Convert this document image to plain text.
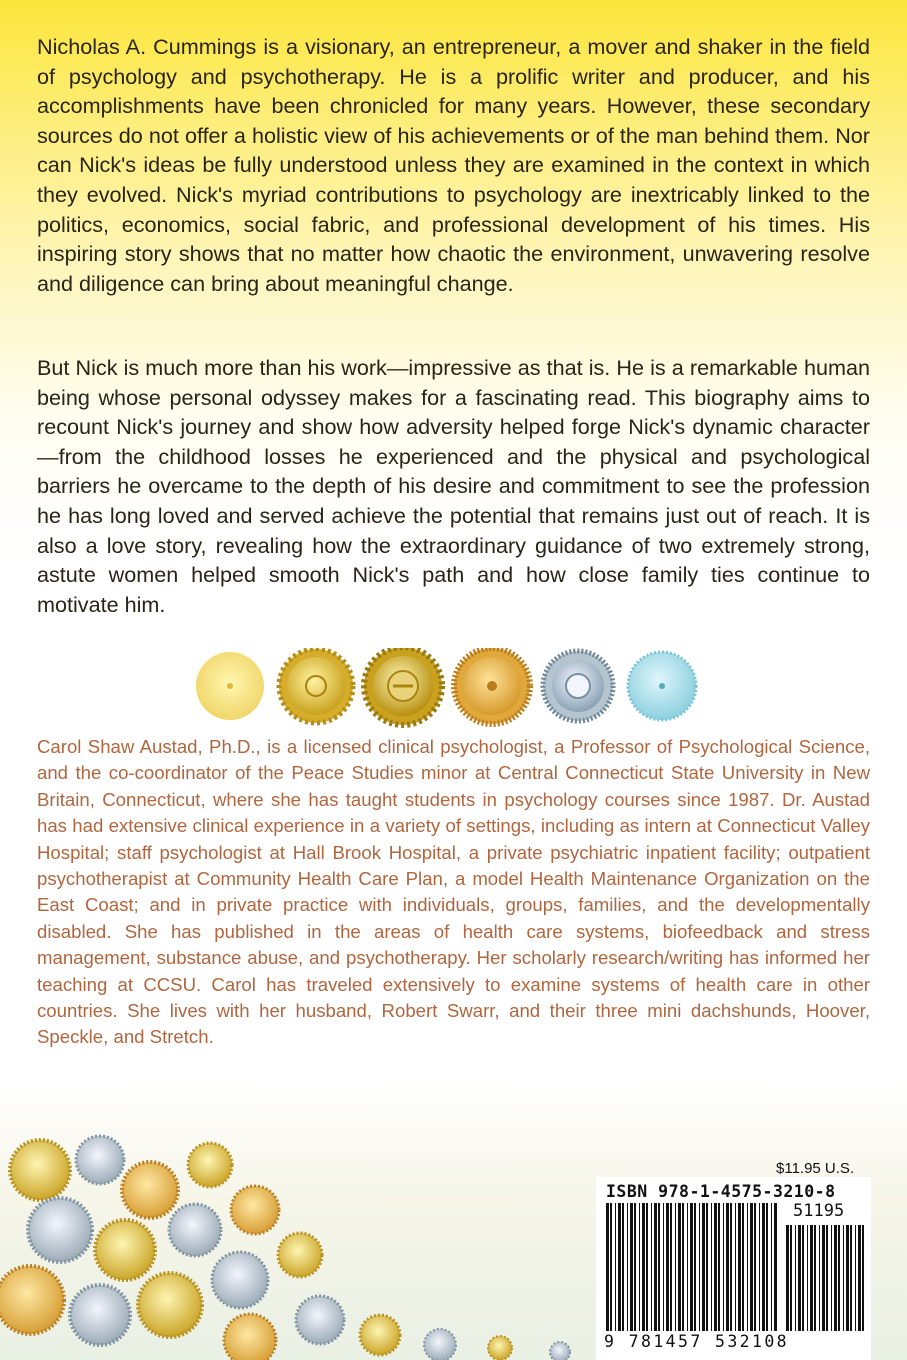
Nicholas A. Cummings is a visionary, an entrepreneur, a mover and shaker in the field of psychology and psychotherapy. He is a prolific writer and producer, and his accomplishments have been chronicled for many years. However, these secondary sources do not offer a holistic view of his achievements or of the man behind them. Nor can Nick's ideas be fully understood unless they are examined in the context in which they evolved. Nick's myriad contributions to psychology are inextricably linked to the politics, economics, social fabric, and professional development of his times. His inspiring story shows that no matter how chaotic the environment, unwavering resolve and diligence can bring about meaningful change.

But Nick is much more than his work—impressive as that is. He is a remarkable human being whose personal odyssey makes for a fascinating read. This biography aims to recount Nick's journey and show how adversity helped forge Nick's dynamic character—from the childhood losses he experienced and the physical and psychological barriers he overcame to the depth of his desire and commitment to see the profession he has long loved and served achieve the potential that remains just out of reach. It is also a love story, revealing how the extraordinary guidance of two extremely strong, astute women helped smooth Nick's path and how close family ties continue to motivate him.

Carol Shaw Austad, Ph.D., is a licensed clinical psychologist, a Professor of Psychological Science, and the co-coordinator of the Peace Studies minor at Central Connecticut State University in New Britain, Connecticut, where she has taught students in psychology courses since 1987. Dr. Austad has had extensive clinical experience in a variety of settings, including as intern at Connecticut Valley Hospital; staff psychologist at Hall Brook Hospital, a private psychiatric inpatient facility; outpatient psychotherapist at Community Health Care Plan, a model Health Maintenance Organization on the East Coast; and in private practice with individuals, groups, families, and the developmentally disabled. She has published in the areas of health care systems, biofeedback and stress management, substance abuse, and psychotherapy. Her scholarly research/writing has informed her teaching at CCSU. Carol has traveled extensively to examine systems of health care in other countries. She lives with her husband, Robert Swarr, and their three mini dachshunds, Hoover, Speckle, and Stretch.

$11.95 U.S.
ISBN 978-1-4575-3210-8
51195
9 781457 532108
